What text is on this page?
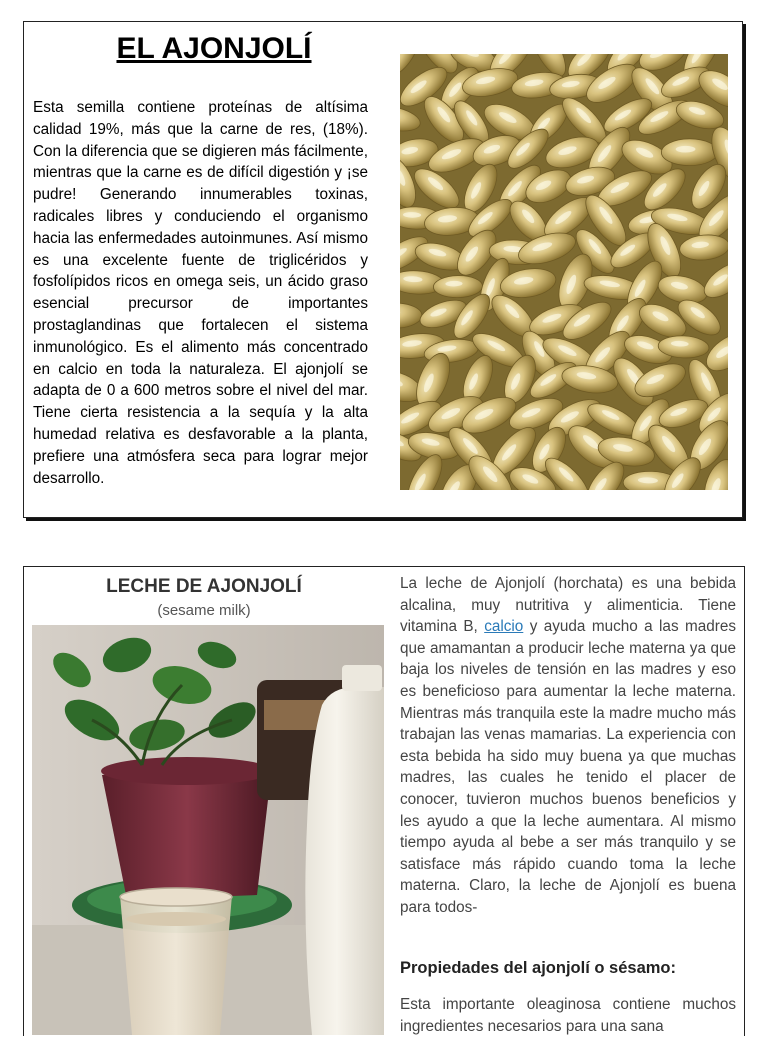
EL AJONJOLÍ

Esta semilla contiene proteínas de altísima calidad 19%, más que la carne de res, (18%). Con la diferencia que se digieren más fácilmente, mientras que la carne es de difícil digestión y ¡se pudre! Generando innumerables toxinas, radicales libres y conduciendo el organismo hacia las enfermedades autoinmunes. Así mismo es una excelente fuente de triglicéridos y fosfolípidos ricos en omega seis, un ácido graso esencial precursor de importantes prostaglandinas que fortalecen el sistema inmunológico. Es el alimento más concentrado en calcio en toda la naturaleza. El ajonjolí se adapta de 0 a 600 metros sobre el nivel del mar. Tiene cierta resistencia a la sequía y la alta humedad relativa es desfavorable a la planta, prefiere una atmósfera seca para lograr mejor desarrollo.

LECHE DE AJONJOLÍ

(sesame milk)

La leche de Ajonjolí (horchata) es una bebida alcalina, muy nutritiva y alimenticia. Tiene vitamina B, calcio y ayuda mucho a las madres que amamantan a producir leche materna ya que baja los niveles de tensión en las madres y eso es beneficioso para aumentar la leche materna. Mientras más tranquila este la madre mucho más trabajan las venas mamarias. La experiencia con esta bebida ha sido muy buena ya que muchas madres, las cuales he tenido el placer de conocer, tuvieron muchos buenos beneficios y les ayudo a que la leche aumentara. Al mismo tiempo ayuda al bebe a ser más tranquilo y se satisface más rápido cuando toma la leche materna. Claro, la leche de Ajonjolí es buena para todos-

Propiedades del ajonjolí o sésamo:

Esta importante oleaginosa contiene muchos ingredientes necesarios para una sana
